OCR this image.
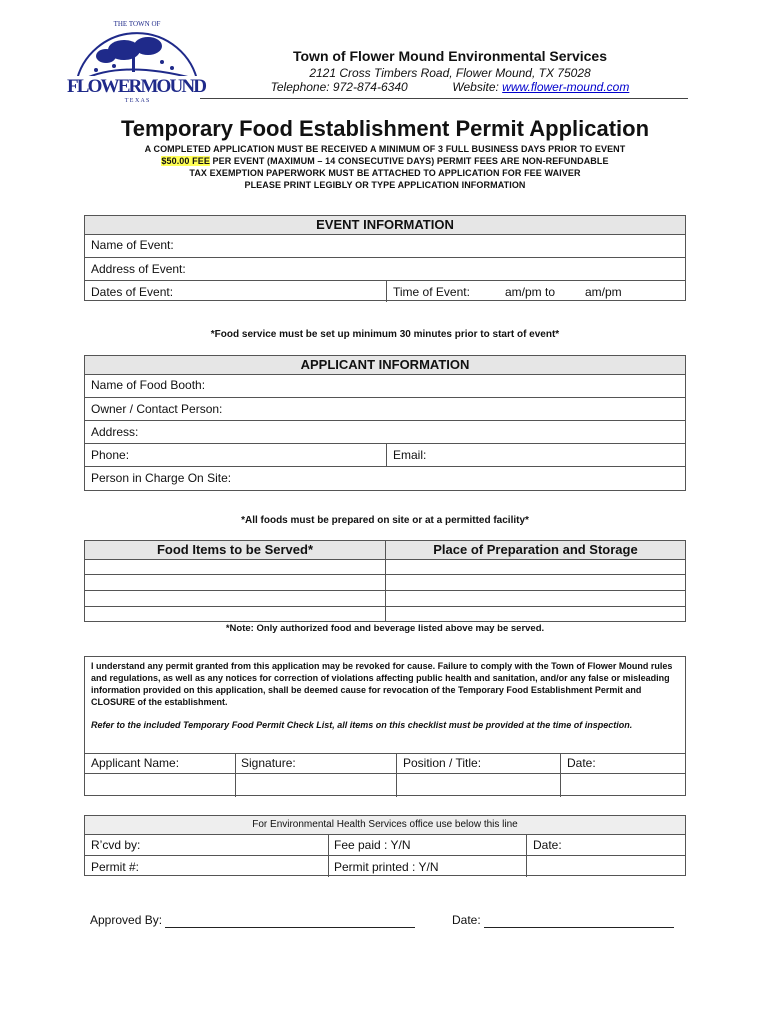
FLOWERMOUND
THE TOWN OF
T E X A S
Town of Flower Mound Environmental Services
2121 Cross Timbers Road, Flower Mound, TX 75028
Telephone: 972-874-6340	Website: www.flower-mound.com
Temporary Food Establishment Permit Application
A COMPLETED APPLICATION MUST BE RECEIVED A MINIMUM OF 3 FULL BUSINESS DAYS PRIOR TO EVENT
$50.00 FEE PER EVENT (MAXIMUM – 14 CONSECUTIVE DAYS) PERMIT FEES ARE NON-REFUNDABLE
TAX EXEMPTION PAPERWORK MUST BE ATTACHED TO APPLICATION FOR FEE WAIVER
PLEASE PRINT LEGIBLY OR TYPE APPLICATION INFORMATION
EVENT INFORMATION
Name of Event:
Address of Event:
Dates of Event:	Time of Event:	am/pm to am/pm
*Food service must be set up minimum 30 minutes prior to start of event*
APPLICANT INFORMATION
Name of Food Booth:
Owner / Contact Person:
Address:
Phone:	Email:
Person in Charge On Site:
*All foods must be prepared on site or at a permitted facility*
Food Items to be Served*	Place of Preparation and Storage
*Note: Only authorized food and beverage listed above may be served.
I understand any permit granted from this application may be revoked for cause. Failure to comply with the Town of Flower Mound rules and regulations, as well as any notices for correction of violations affecting public health and sanitation, and/or any false or misleading information provided on this application, shall be deemed cause for revocation of the Temporary Food Establishment Permit and CLOSURE of the establishment.
Refer to the included Temporary Food Permit Check List, all items on this checklist must be provided at the time of inspection.
Applicant Name:	Signature:	Position / Title:	Date:
For Environmental Health Services office use below this line
R’cvd by:	Fee paid : Y/N	Date:
Permit #:	Permit printed : Y/N
Approved By:	Date:
